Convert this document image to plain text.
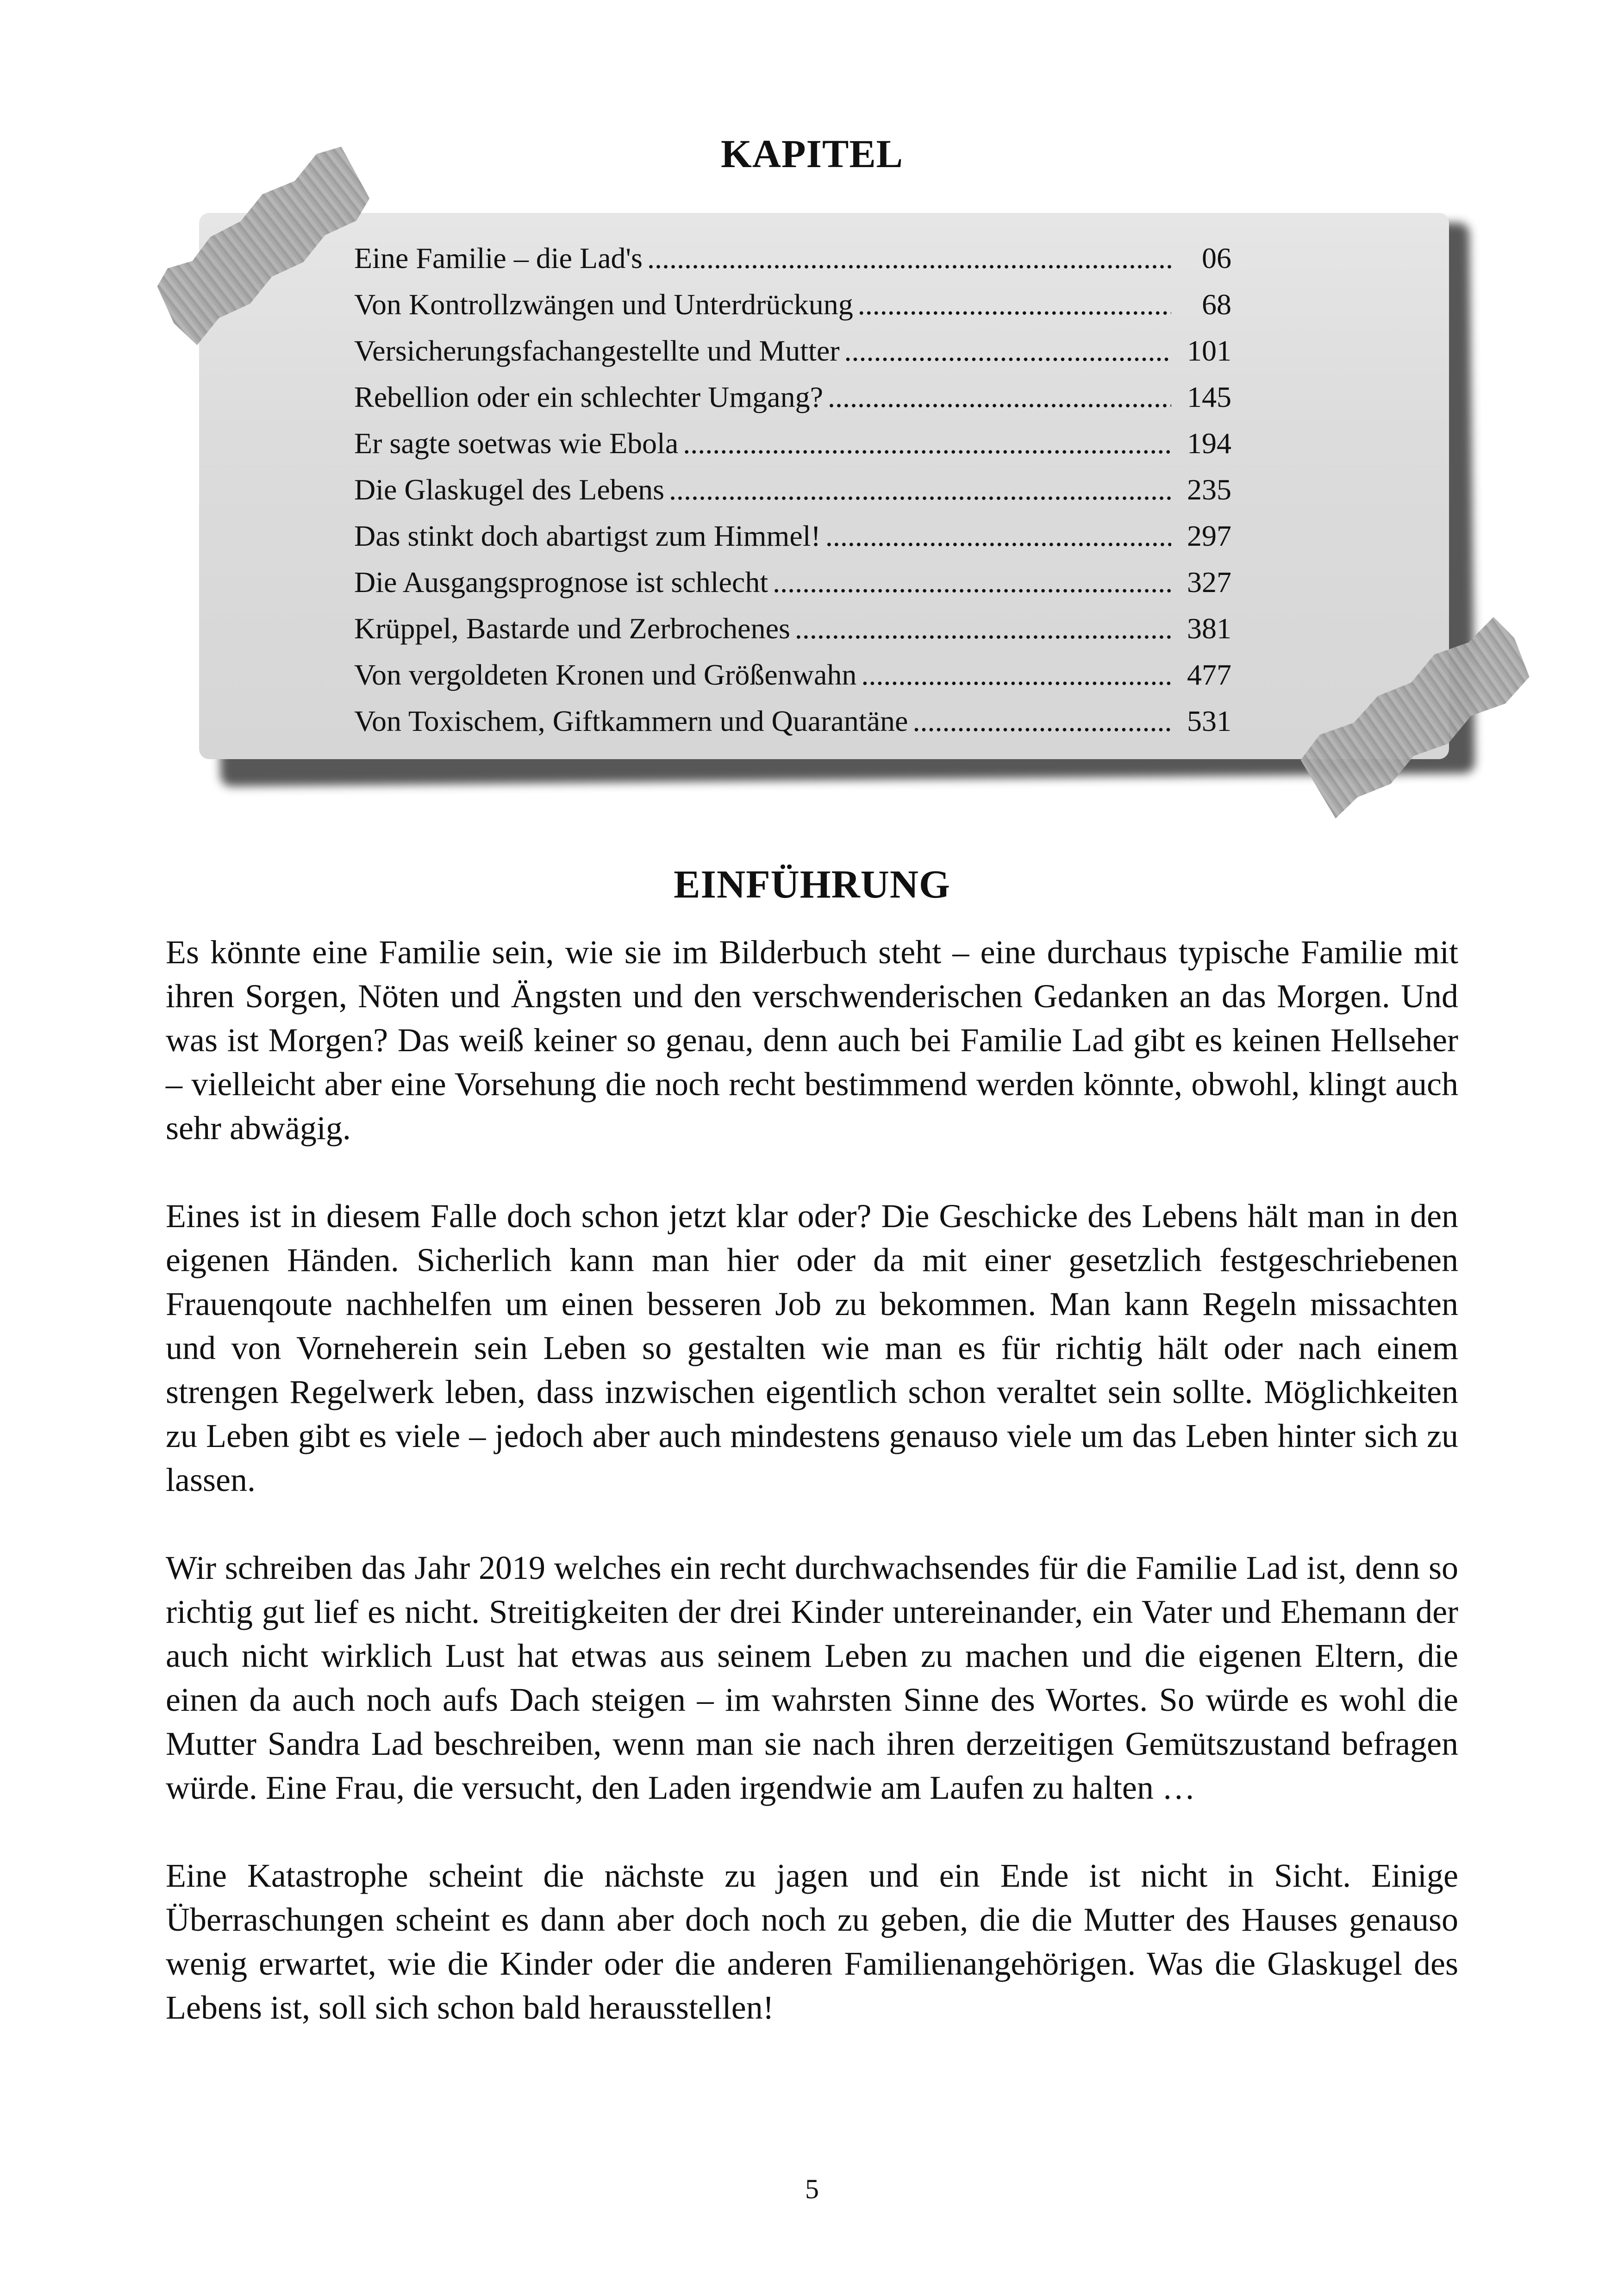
KAPITEL
Eine Familie – die Lad's .....	06
Von Kontrollzwängen und Unterdrückung .....	68
Versicherungsfachangestellte und Mutter .....	101
Rebellion oder ein schlechter Umgang? .....	145
Er sagte soetwas wie Ebola .....	194
Die Glaskugel des Lebens .....	235
Das stinkt doch abartigst zum Himmel! .....	297
Die Ausgangsprognose ist schlecht .....	327
Krüppel, Bastarde und Zerbrochenes .....	381
Von vergoldeten Kronen und Größenwahn .....	477
Von Toxischem, Giftkammern und Quarantäne .....	531
EINFÜHRUNG

Es könnte eine Familie sein, wie sie im Bilderbuch steht – eine durchaus typische Familie mit ihren Sorgen, Nöten und Ängsten und den verschwenderischen Gedanken an das Morgen. Und was ist Morgen? Das weiß keiner so genau, denn auch bei Familie Lad gibt es keinen Hellseher – vielleicht aber eine Vorsehung die noch recht bestimmend werden könnte, obwohl, klingt auch sehr abwägig.

Eines ist in diesem Falle doch schon jetzt klar oder? Die Geschicke des Lebens hält man in den eigenen Händen. Sicherlich kann man hier oder da mit einer gesetzlich festgeschriebenen Frauenqoute nachhelfen um einen besseren Job zu bekommen. Man kann Regeln missachten und von Vorneherein sein Leben so gestalten wie man es für richtig hält oder nach einem strengen Regelwerk leben, dass inzwischen eigentlich schon veraltet sein sollte. Möglichkeiten zu Leben gibt es viele – jedoch aber auch mindestens genauso viele um das Leben hinter sich zu lassen.

Wir schreiben das Jahr 2019 welches ein recht durchwachsendes für die Familie Lad ist, denn so richtig gut lief es nicht. Streitigkeiten der drei Kinder untereinander, ein Vater und Ehemann der auch nicht wirklich Lust hat etwas aus seinem Leben zu machen und die eigenen Eltern, die einen da auch noch aufs Dach steigen – im wahrsten Sinne des Wortes. So würde es wohl die Mutter Sandra Lad beschreiben, wenn man sie nach ihren derzeitigen Gemütszustand befragen würde. Eine Frau, die versucht, den Laden irgendwie am Laufen zu halten …

Eine Katastrophe scheint die nächste zu jagen und ein Ende ist nicht in Sicht. Einige Überraschungen scheint es dann aber doch noch zu geben, die die Mutter des Hauses genauso wenig erwartet, wie die Kinder oder die anderen Familienangehörigen. Was die Glaskugel des Lebens ist, soll sich schon bald herausstellen!

5
